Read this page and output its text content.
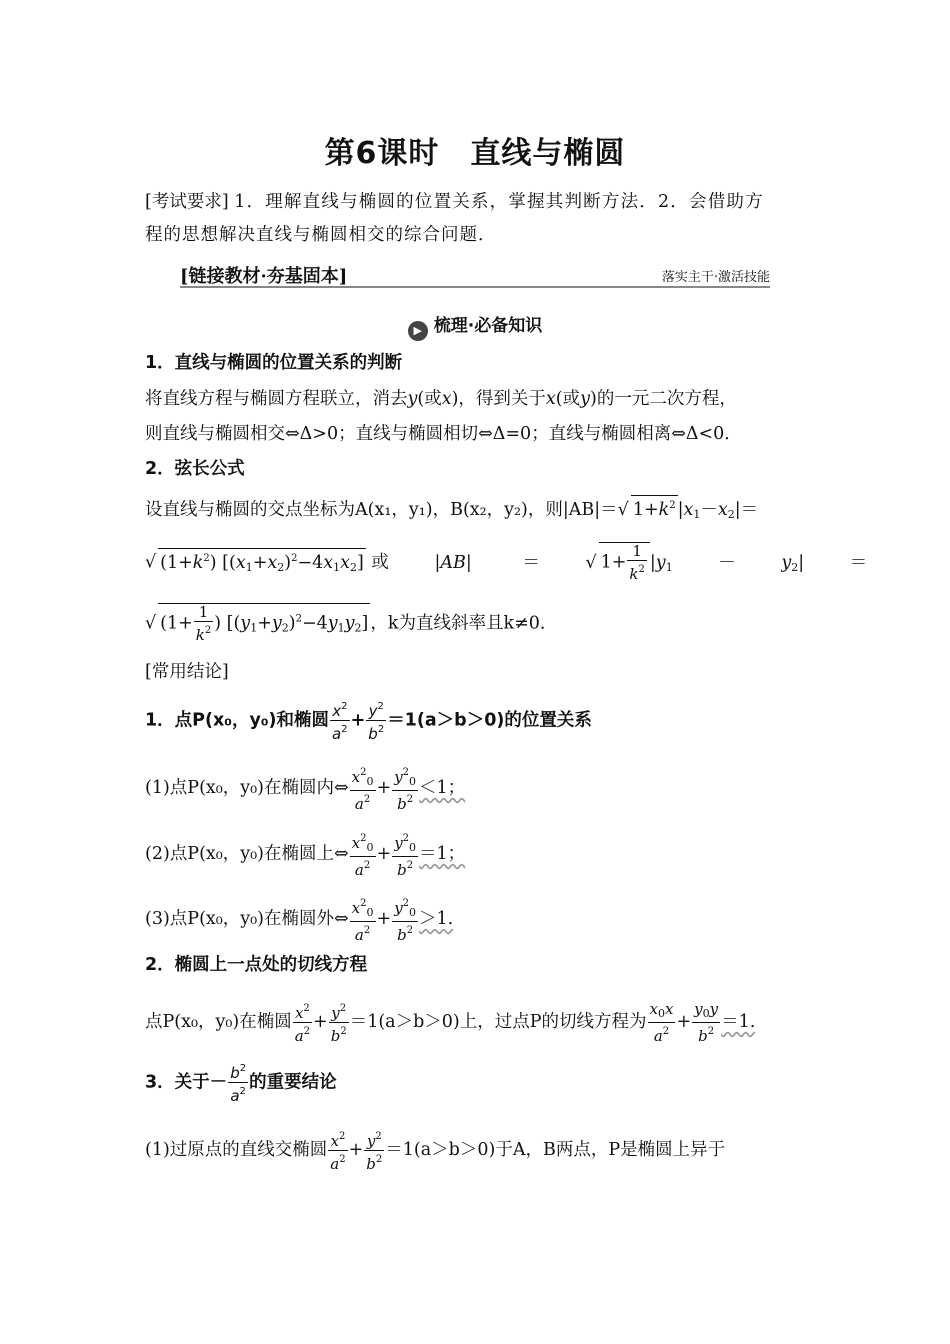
第6课时　直线与椭圆
[考试要求] 1．理解直线与椭圆的位置关系，掌握其判断方法．2．会借助方
程的思想解决直线与椭圆相交的综合问题．
[链接教材·夯基固本]	落实主干·激活技能
▶ 梳理·必备知识
1．直线与椭圆的位置关系的判断
将直线方程与椭圆方程联立，消去y(或x)，得到关于x(或y)的一元二次方程，
则直线与椭圆相交⇔Δ>0；直线与椭圆相切⇔Δ=0；直线与椭圆相离⇔Δ<0．
2．弦长公式
设直线与椭圆的交点坐标为A(x₁，y₁)，B(x₂，y₂)，则|AB|＝√ $1+k^2$ $|x_1-x_2|=$
√ $(1+k^2)$ $[(x_1+x_2)^2-4x_1x_2]$ 或	|AB|	＝	√ $1+ \frac{1}{k^2} |y_1$	－	$y_2|$	＝
√ ($1+ \frac{1}{k^2}$ ) $[(y_1+y_2)^2-4y_1y_2]$ ，k为直线斜率且k≠0．
[常用结论]
1．点P(x₀，y₀)和椭圆 $\frac{x^2}{a^2} + \frac{y^2}{b^2} =1(a>b>0)$的位置关系
(1)点P(x₀，y₀)在椭圆内⇔ $\frac{x^2_0}{a^2} + \frac{y^2_0}{b^2} <1$；
(2)点P(x₀，y₀)在椭圆上⇔ $\frac{x^2_0}{a^2} + \frac{y^2_0}{b^2} =1$；
(3)点P(x₀，y₀)在椭圆外⇔ $\frac{x^2_0}{a^2} + \frac{y^2_0}{b^2} >1$.
2．椭圆上一点处的切线方程
点P(x₀，y₀)在椭圆 $\frac{x^2}{a^2} + \frac{y^2}{b^2} =1(a>b>0)$上，过点P的切线方程为 $\frac{x_0x}{a^2} + \frac{y_0y}{b^2} =1$.
3．关于－ $\frac{b^2}{a^2}$ 的重要结论
(1)过原点的直线交椭圆 $\frac{x^2}{a^2} + \frac{y^2}{b^2} =1(a>b>0)$于A，B两点，P是椭圆上异于
